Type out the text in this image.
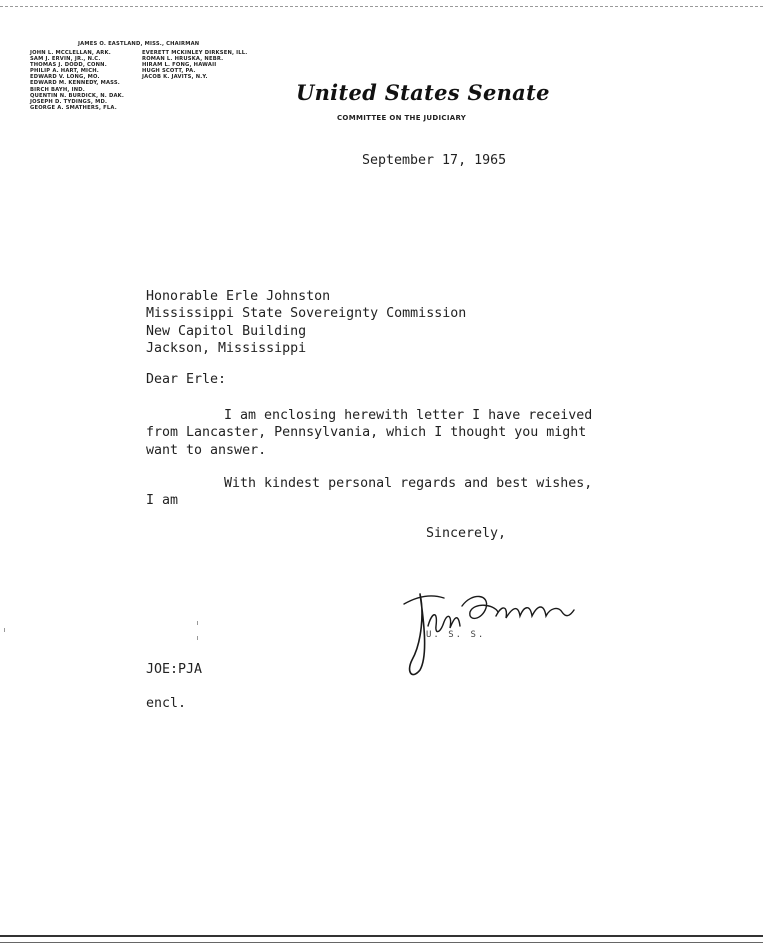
JAMES O. EASTLAND, MISS., CHAIRMAN
JOHN L. MCCLELLAN, ARK.
SAM J. ERVIN, JR., N.C.
THOMAS J. DODD, CONN.
PHILIP A. HART, MICH.
EDWARD V. LONG, MO.
EDWARD M. KENNEDY, MASS.
BIRCH BAYH, IND.
QUENTIN N. BURDICK, N. DAK.
JOSEPH D. TYDINGS, MD.
GEORGE A. SMATHERS, FLA.
EVERETT MCKINLEY DIRKSEN, ILL.
ROMAN L. HRUSKA, NEBR.
HIRAM L. FONG, HAWAII
HUGH SCOTT, PA.
JACOB K. JAVITS, N.Y.
United States Senate
COMMITTEE ON THE JUDICIARY
September 17, 1965
Honorable Erle Johnston
Mississippi State Sovereignty Commission
New Capitol Building
Jackson, Mississippi
Dear Erle:
I am enclosing herewith letter I have received
from Lancaster, Pennsylvania, which I thought you might
want to answer.
With kindest personal regards and best wishes,
I am
Sincerely,
U. S. S.
JOE:PJA
encl.
